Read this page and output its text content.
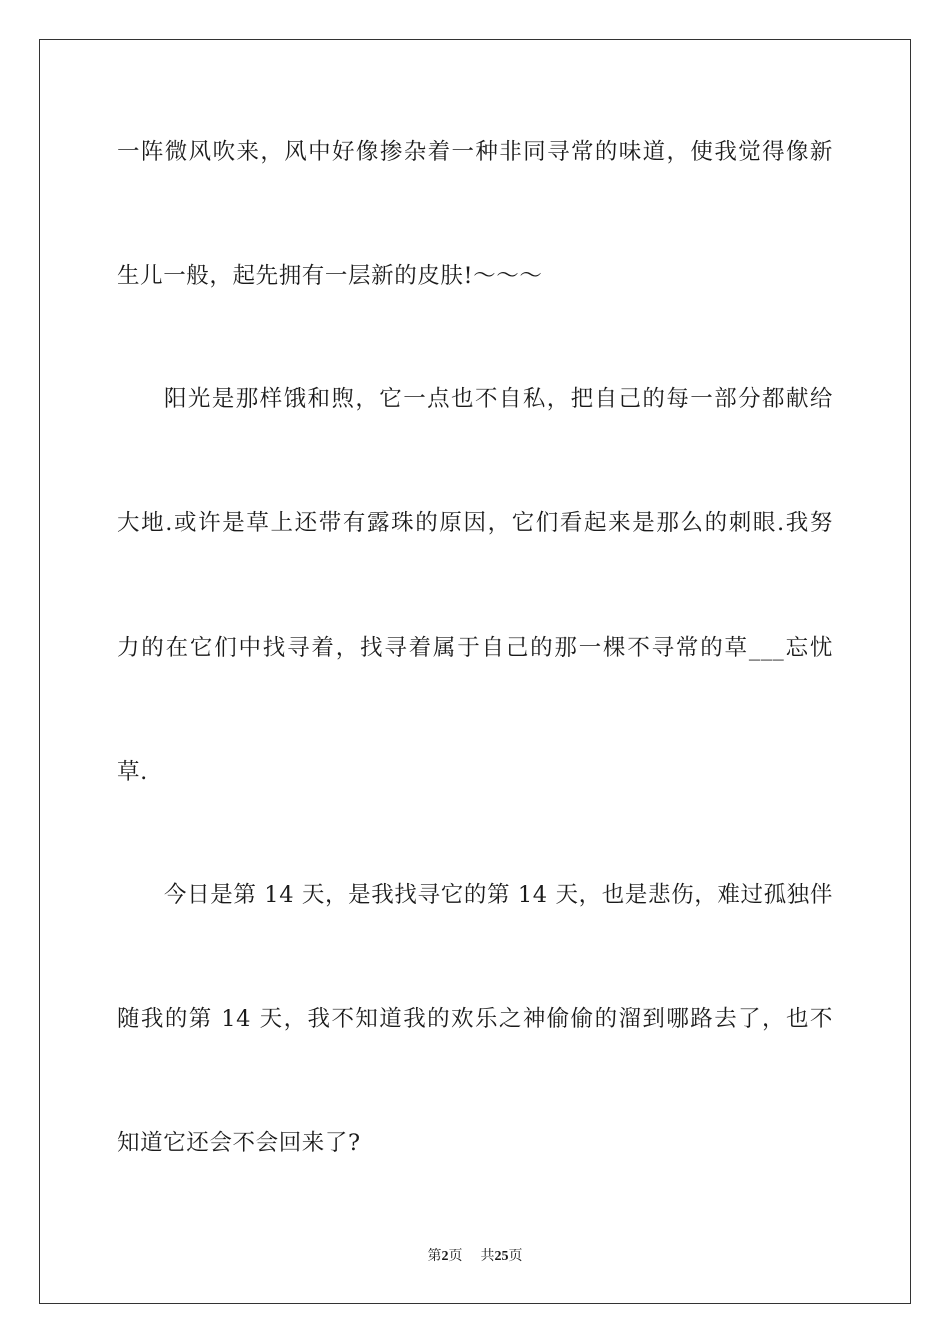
一阵微风吹来，风中好像掺杂着一种非同寻常的味道，使我觉得像新
生儿一般，起先拥有一层新的皮肤!～～～
阳光是那样饿和煦，它一点也不自私，把自己的每一部分都献给
大地.或许是草上还带有露珠的原因，它们看起来是那么的刺眼.我努
力的在它们中找寻着，找寻着属于自己的那一棵不寻常的草___忘忧
草.
今日是第 14 天，是我找寻它的第 14 天，也是悲伤，难过孤独伴
随我的第 14 天，我不知道我的欢乐之神偷偷的溜到哪路去了，也不
知道它还会不会回来了?
第2页 共25页
